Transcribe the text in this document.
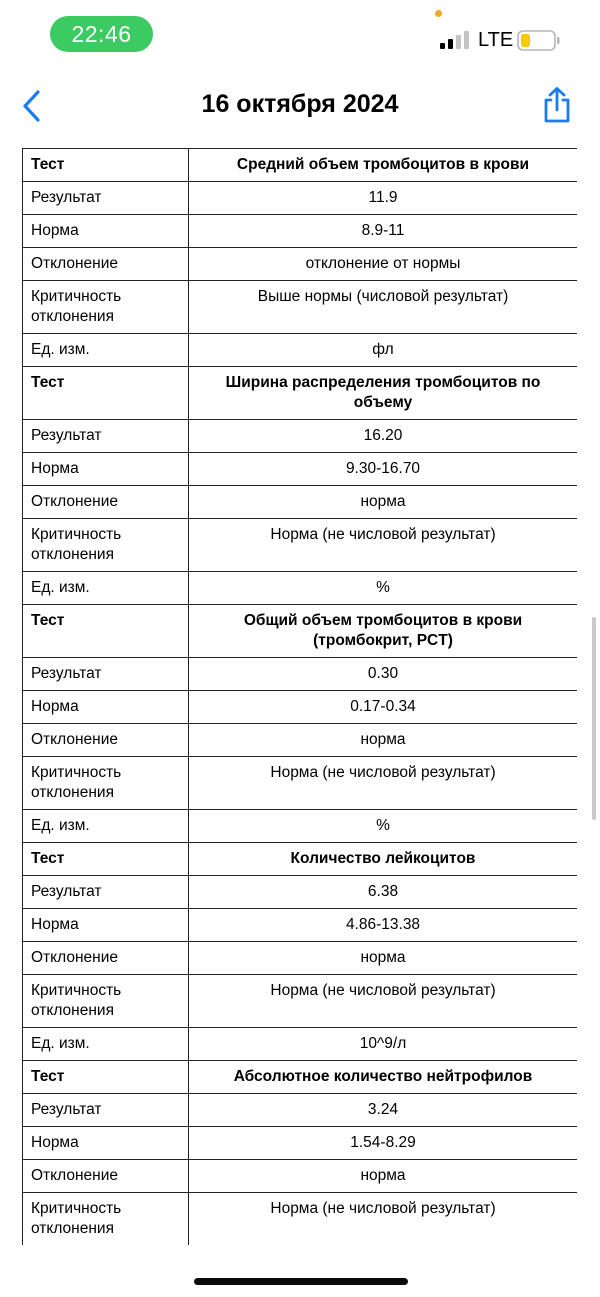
22:46	LTE
16 октября 2024
Тест	Средний объем тромбоцитов в крови
Результат	11.9
Норма	8.9-11
Отклонение	отклонение от нормы
Критичность отклонения	Выше нормы (числовой результат)
Ед. изм.	фл
Тест	Ширина распределения тромбоцитов по объему
Результат	16.20
Норма	9.30-16.70
Отклонение	норма
Критичность отклонения	Норма (не числовой результат)
Ед. изм.	%
Тест	Общий объем тромбоцитов в крови (тромбокрит, PCT)
Результат	0.30
Норма	0.17-0.34
Отклонение	норма
Критичность отклонения	Норма (не числовой результат)
Ед. изм.	%
Тест	Количество лейкоцитов
Результат	6.38
Норма	4.86-13.38
Отклонение	норма
Критичность отклонения	Норма (не числовой результат)
Ед. изм.	10^9/л
Тест	Абсолютное количество нейтрофилов
Результат	3.24
Норма	1.54-8.29
Отклонение	норма
Критичность отклонения	Норма (не числовой результат)
